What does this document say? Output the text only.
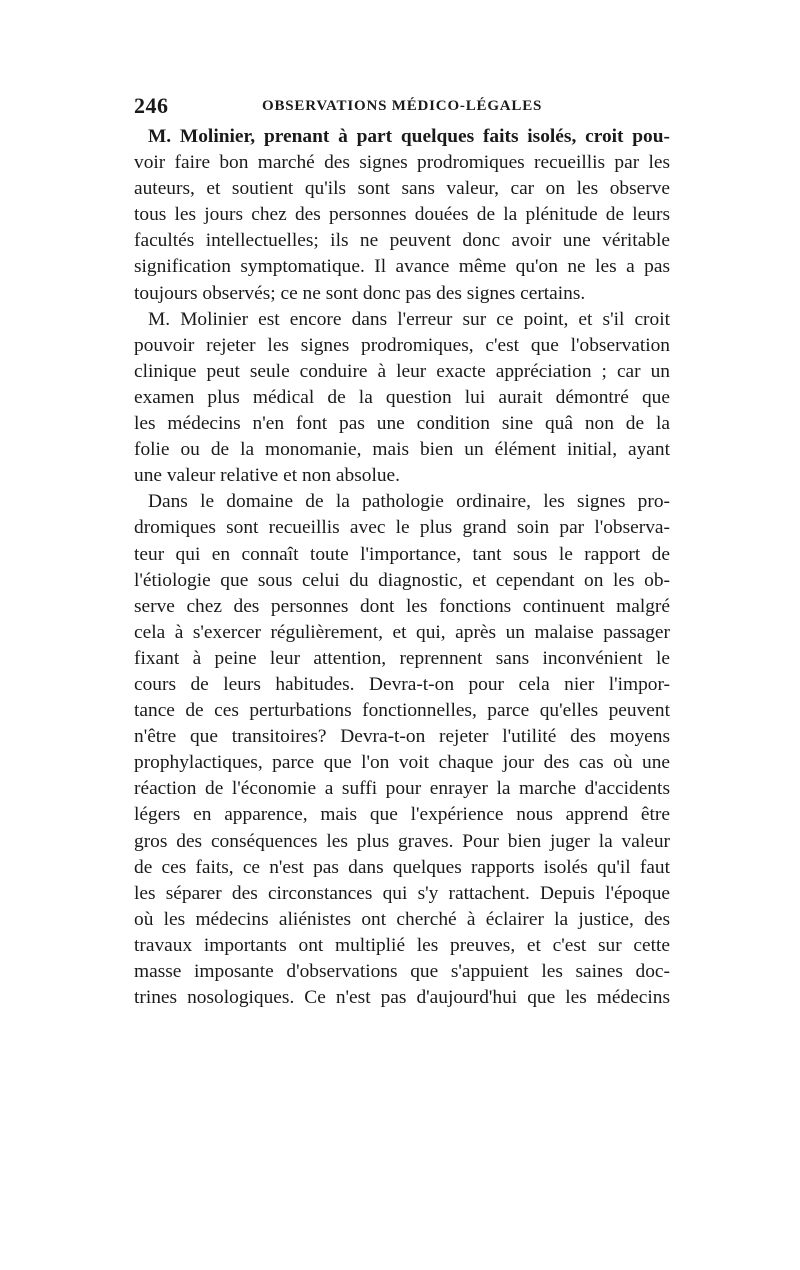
246	OBSERVATIONS MÉDICO-LÉGALES
M. Molinier, prenant à part quelques faits isolés, croit pou-
voir faire bon marché des signes prodromiques recueillis par les
auteurs, et soutient qu'ils sont sans valeur, car on les observe
tous les jours chez des personnes douées de la plénitude de leurs
facultés intellectuelles; ils ne peuvent donc avoir une véritable
signification symptomatique. Il avance même qu'on ne les a pas
toujours observés; ce ne sont donc pas des signes certains.
M. Molinier est encore dans l'erreur sur ce point, et s'il croit
pouvoir rejeter les signes prodromiques, c'est que l'observation
clinique peut seule conduire à leur exacte appréciation ; car un
examen plus médical de la question lui aurait démontré que
les médecins n'en font pas une condition sine quâ non de la
folie ou de la monomanie, mais bien un élément initial, ayant
une valeur relative et non absolue.
Dans le domaine de la pathologie ordinaire, les signes pro-
dromiques sont recueillis avec le plus grand soin par l'observa-
teur qui en connaît toute l'importance, tant sous le rapport de
l'étiologie que sous celui du diagnostic, et cependant on les ob-
serve chez des personnes dont les fonctions continuent malgré
cela à s'exercer régulièrement, et qui, après un malaise passager
fixant à peine leur attention, reprennent sans inconvénient le
cours de leurs habitudes. Devra-t-on pour cela nier l'impor-
tance de ces perturbations fonctionnelles, parce qu'elles peuvent
n'être que transitoires? Devra-t-on rejeter l'utilité des moyens
prophylactiques, parce que l'on voit chaque jour des cas où une
réaction de l'économie a suffi pour enrayer la marche d'accidents
légers en apparence, mais que l'expérience nous apprend être
gros des conséquences les plus graves. Pour bien juger la valeur
de ces faits, ce n'est pas dans quelques rapports isolés qu'il faut
les séparer des circonstances qui s'y rattachent. Depuis l'époque
où les médecins aliénistes ont cherché à éclairer la justice, des
travaux importants ont multiplié les preuves, et c'est sur cette
masse imposante d'observations que s'appuient les saines doc-
trines nosologiques. Ce n'est pas d'aujourd'hui que les médecins
